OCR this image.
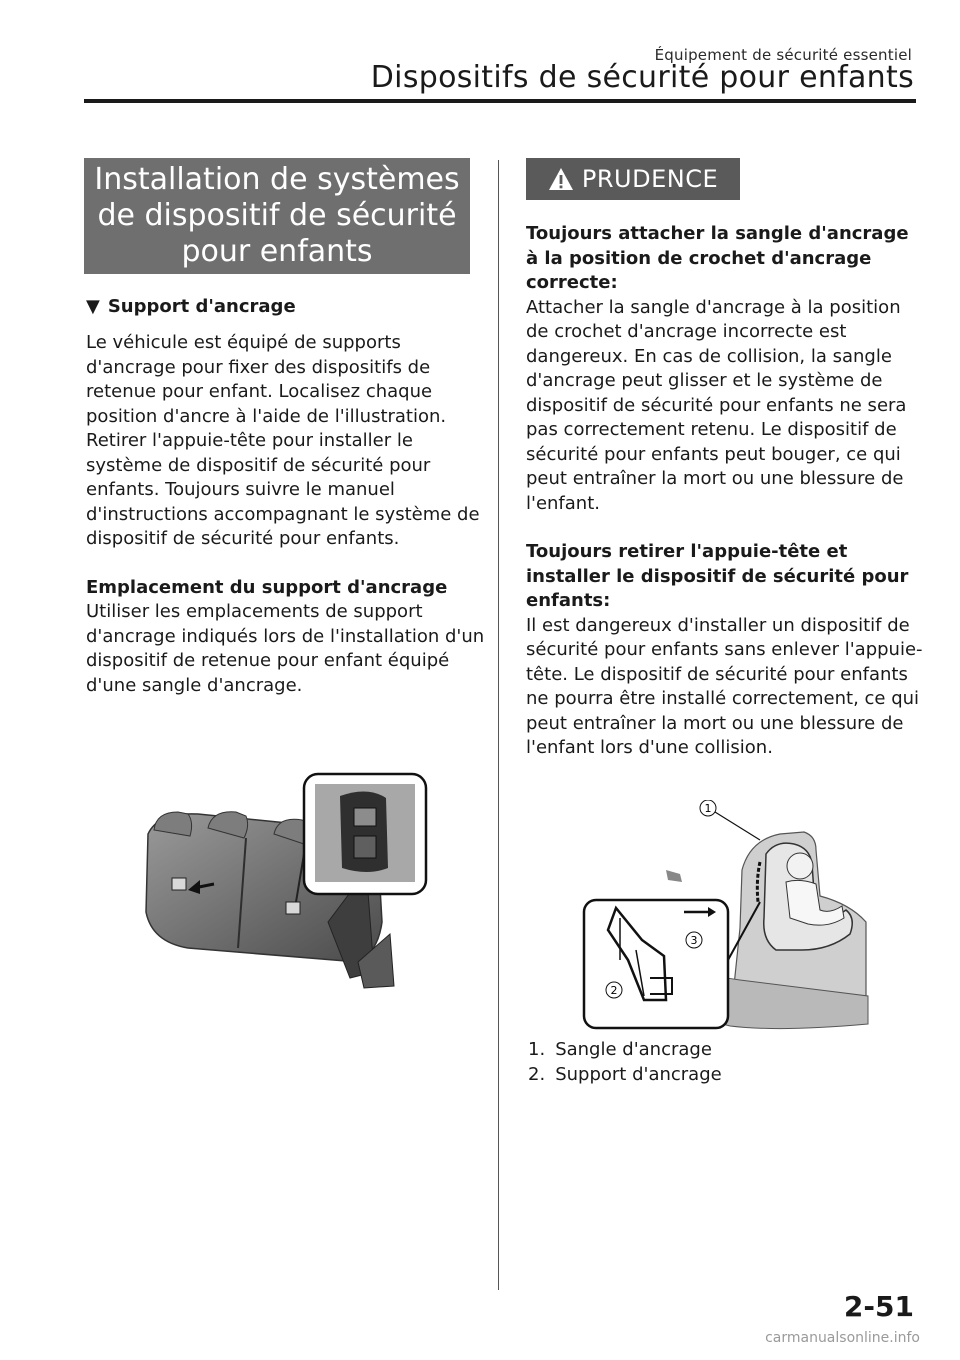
Équipement de sécurité essentiel
Dispositifs de sécurité pour enfants
Installation de systèmes de dispositif de sécurité pour enfants
▼ Support d'ancrage

Le véhicule est équipé de supports d'ancrage pour fixer des dispositifs de retenue pour enfant. Localisez chaque position d'ancre à l'aide de l'illustration.
Retirer l'appuie-tête pour installer le système de dispositif de sécurité pour enfants. Toujours suivre le manuel d'instructions accompagnant le système de dispositif de sécurité pour enfants.

Emplacement du support d'ancrage

Utiliser les emplacements de support d'ancrage indiqués lors de l'installation d'un dispositif de retenue pour enfant équipé d'une sangle d'ancrage.

PRUDENCE

Toujours attacher la sangle d'ancrage à la position de crochet d'ancrage correcte:

Attacher la sangle d'ancrage à la position de crochet d'ancrage incorrecte est dangereux. En cas de collision, la sangle d'ancrage peut glisser et le système de dispositif de sécurité pour enfants ne sera pas correctement retenu. Le dispositif de sécurité pour enfants peut bouger, ce qui peut entraîner la mort ou une blessure de l'enfant.

Toujours retirer l'appuie-tête et installer le dispositif de sécurité pour enfants:

Il est dangereux d'installer un dispositif de sécurité pour enfants sans enlever l'appuie-tête. Le dispositif de sécurité pour enfants ne pourra être installé correctement, ce qui peut entraîner la mort ou une blessure de l'enfant lors d'une collision.

1
3
2
1. Sangle d'ancrage
2. Support d'ancrage
2-51
carmanualsonline.info
